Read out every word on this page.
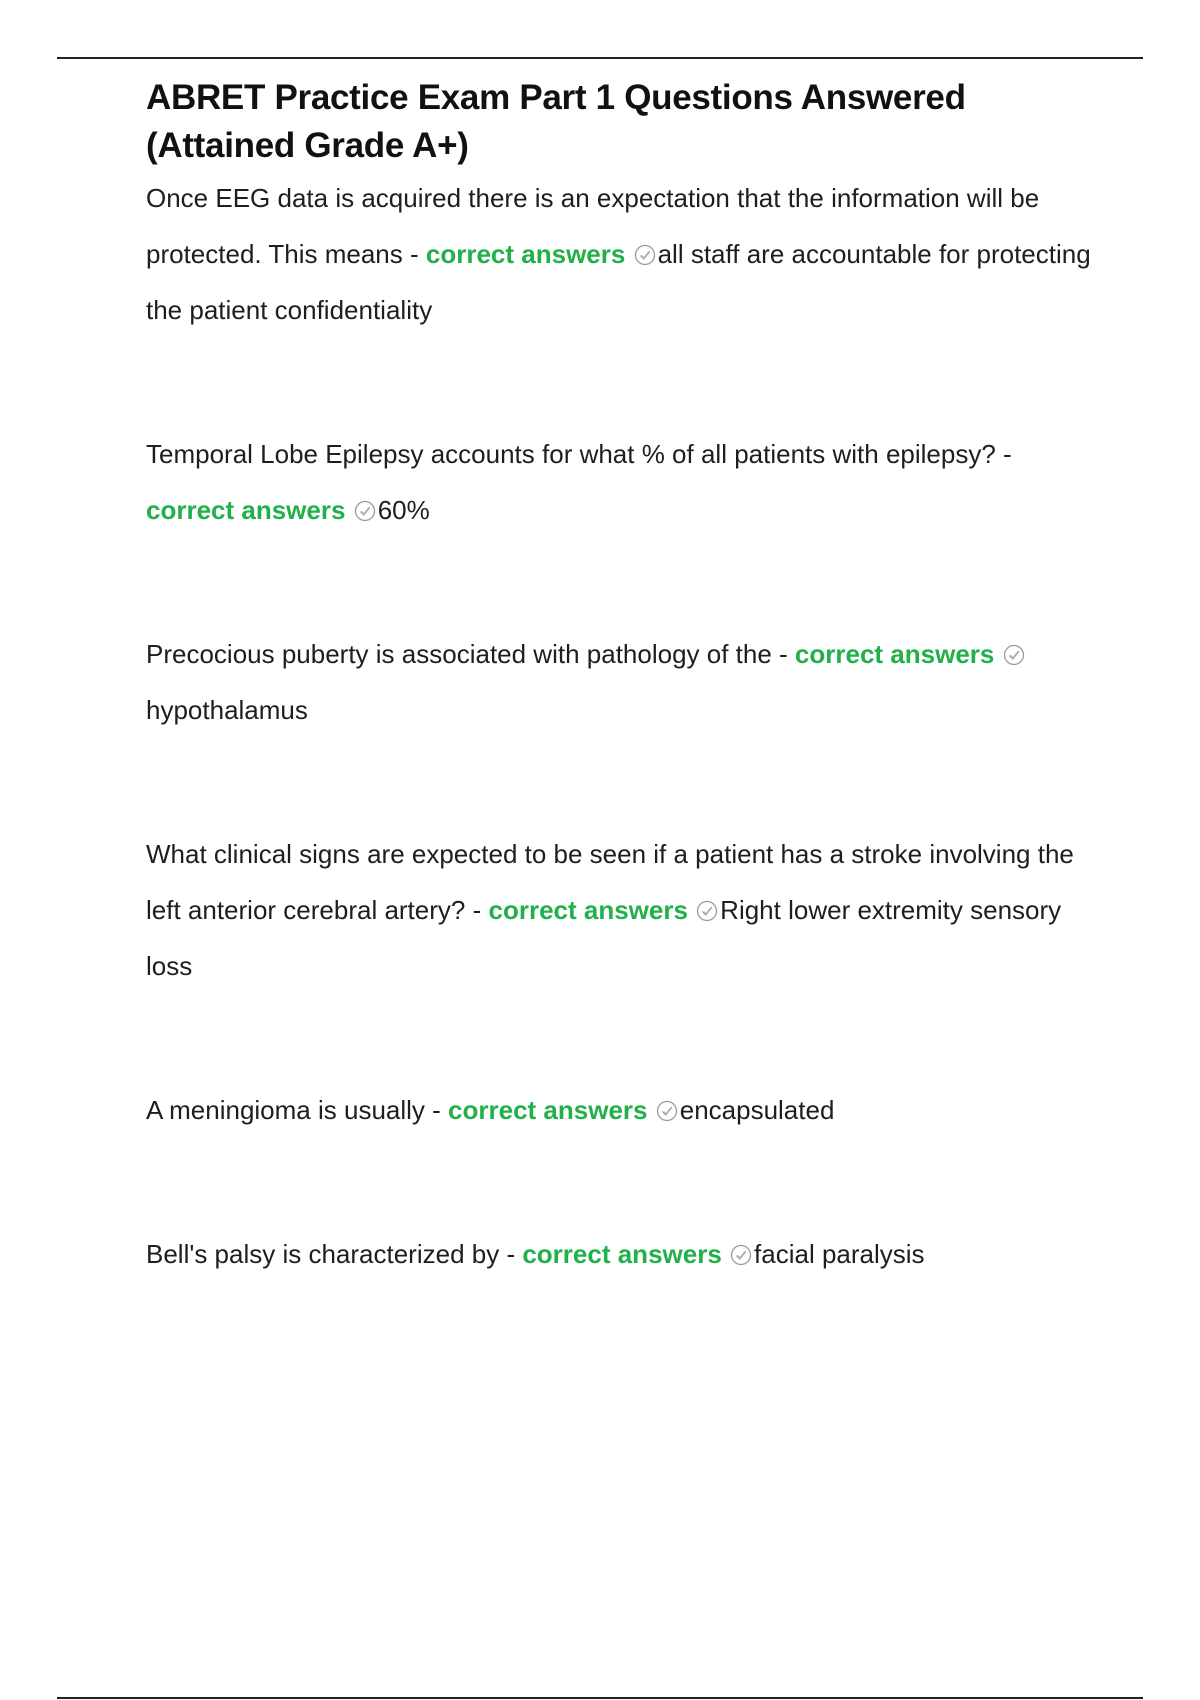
ABRET Practice Exam Part 1 Questions Answered (Attained Grade A+)

Once EEG data is acquired there is an expectation that the information will be protected. This means - correct answers all staff are accountable for protecting the patient confidentiality

Temporal Lobe Epilepsy accounts for what % of all patients with epilepsy? - correct answers 60%

Precocious puberty is associated with pathology of the - correct answers
hypothalamus

What clinical signs are expected to be seen if a patient has a stroke involving the left anterior cerebral artery? - correct answers Right lower extremity sensory loss

A meningioma is usually - correct answers encapsulated

Bell's palsy is characterized by - correct answers facial paralysis
